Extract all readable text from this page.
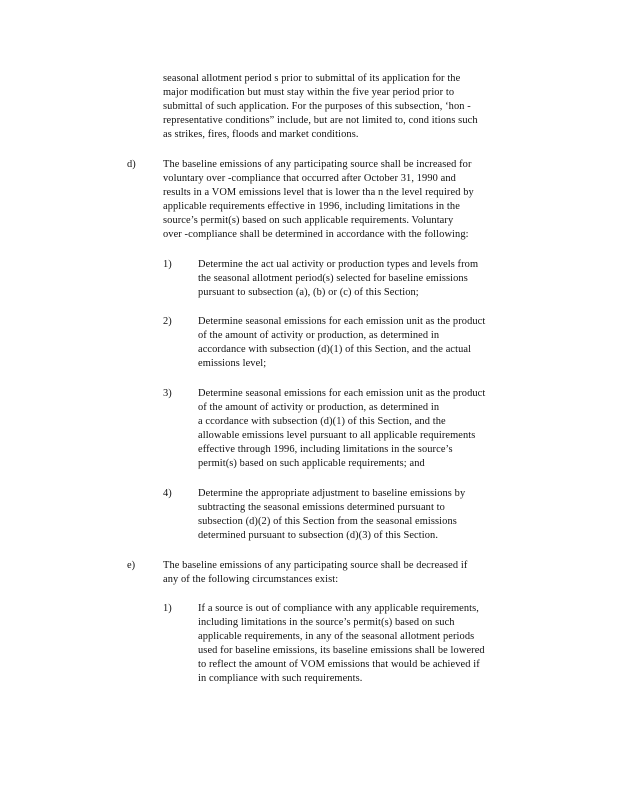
seasonal allotment period s prior to submittal of its application for the
major modification but must stay within the five year period prior to
submittal of such application. For the purposes of this subsection, ‘hon -
representative conditions” include, but are not limited to, cond itions such
as strikes, fires, floods and market conditions.
d)	The baseline emissions of any participating source shall be increased for
voluntary over -compliance that occurred after October 31, 1990 and
results in a VOM emissions level that is lower tha n the level required by
applicable requirements effective in 1996, including limitations in the
source’s permit(s) based on such applicable requirements. Voluntary
over -compliance shall be determined in accordance with the following:
1)	Determine the act ual activity or production types and levels from
the seasonal allotment period(s) selected for baseline emissions
pursuant to subsection (a), (b) or (c) of this Section;
2)	Determine seasonal emissions for each emission unit as the product
of the amount of activity or production, as determined in
accordance with subsection (d)(1) of this Section, and the actual
emissions level;
3)	Determine seasonal emissions for each emission unit as the product
of the amount of activity or production, as determined in
a ccordance with subsection (d)(1) of this Section, and the
allowable emissions level pursuant to all applicable requirements
effective through 1996, including limitations in the source’s
permit(s) based on such applicable requirements; and
4)	Determine the appropriate adjustment to baseline emissions by
subtracting the seasonal emissions determined pursuant to
subsection (d)(2) of this Section from the seasonal emissions
determined pursuant to subsection (d)(3) of this Section.
e)	The baseline emissions of any participating source shall be decreased if
any of the following circumstances exist:
1)	If a source is out of compliance with any applicable requirements,
including limitations in the source’s permit(s) based on such
applicable requirements, in any of the seasonal allotment periods
used for baseline emissions, its baseline emissions shall be lowered
to reflect the amount of VOM emissions that would be achieved if
in compliance with such requirements.
